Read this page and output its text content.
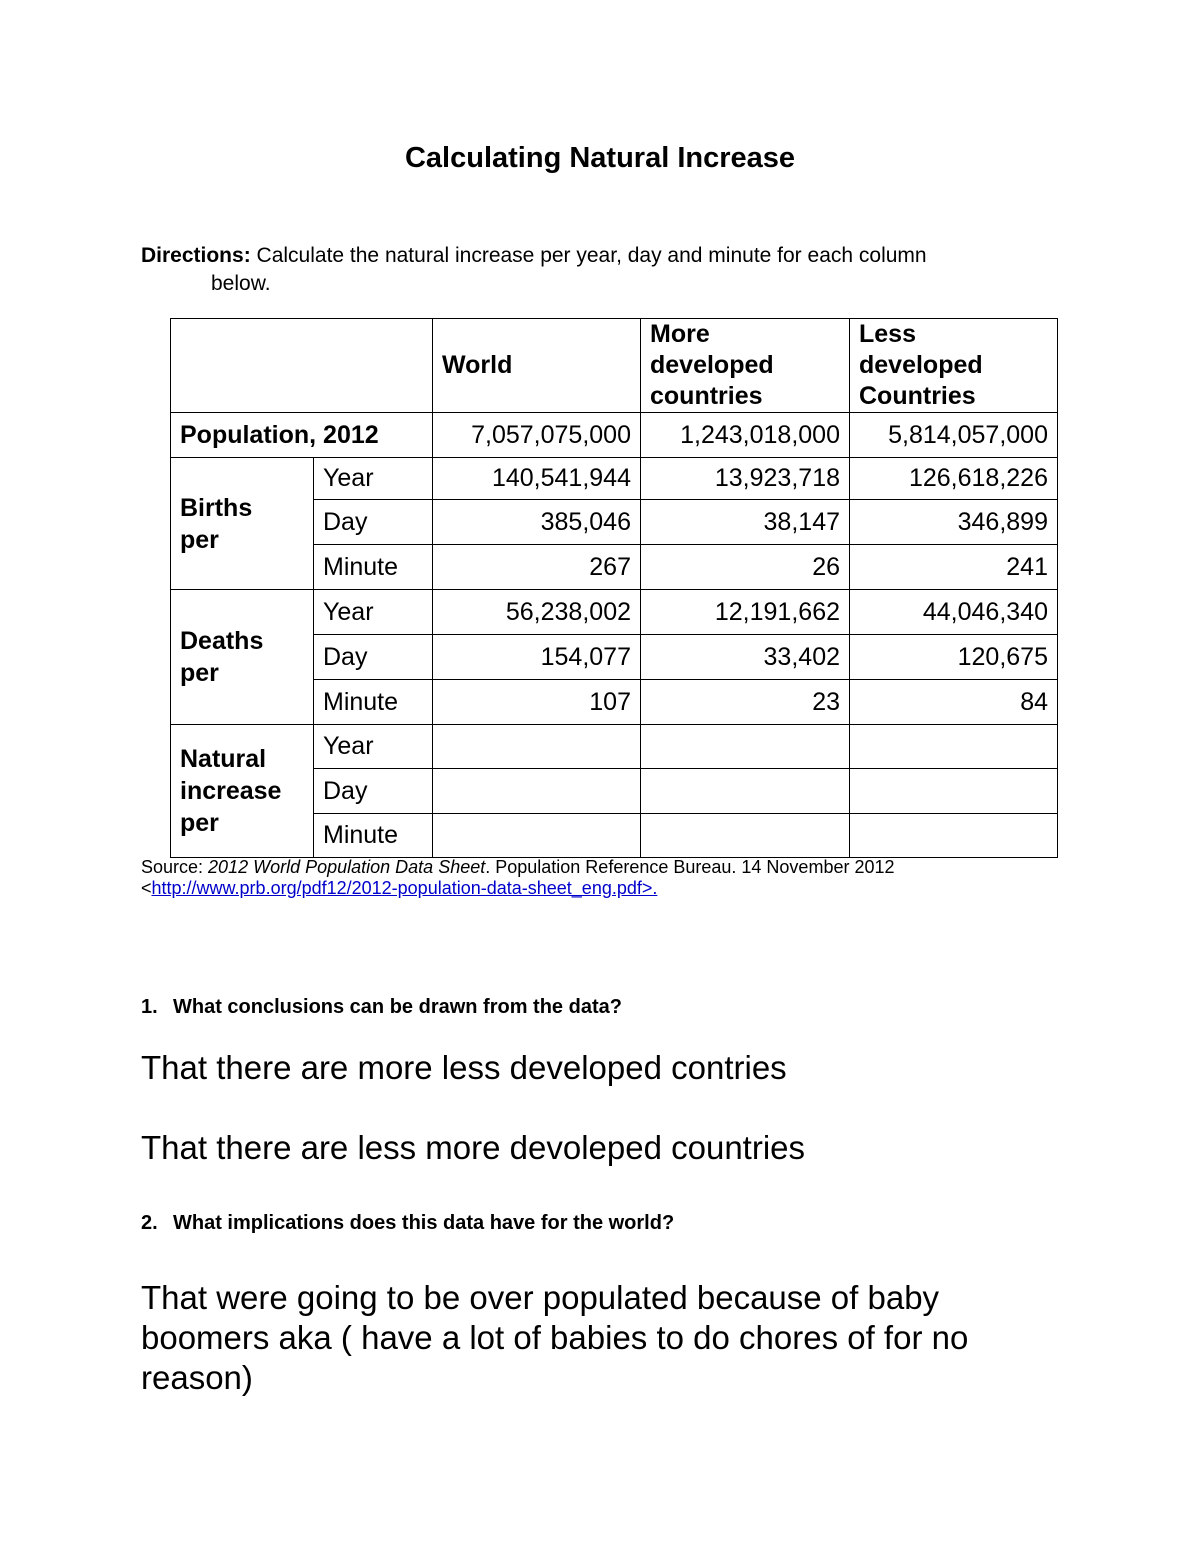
Calculating Natural Increase
Directions: Calculate the natural increase per year, day and minute for each column
below.
		World	More
developed
countries	Less
developed
Countries
Population, 2012		7,057,075,000	1,243,018,000	5,814,057,000
Births
per	Year	140,541,944	13,923,718	126,618,226
	Day	385,046	38,147	346,899
	Minute	267	26	241
Deaths
per	Year	56,238,002	12,191,662	44,046,340
	Day	154,077	33,402	120,675
	Minute	107	23	84
Natural
increase
per	Year			
	Day			
	Minute			
Source: 2012 World Population Data Sheet. Population Reference Bureau. 14 November 2012
<http://www.prb.org/pdf12/2012-population-data-sheet_eng.pdf>.
1. What conclusions can be drawn from the data?
That there are more less developed contries
That there are less more devoleped countries
2. What implications does this data have for the world?
That were going to be over populated because of baby boomers aka ( have a lot of babies to do chores of for no reason)
